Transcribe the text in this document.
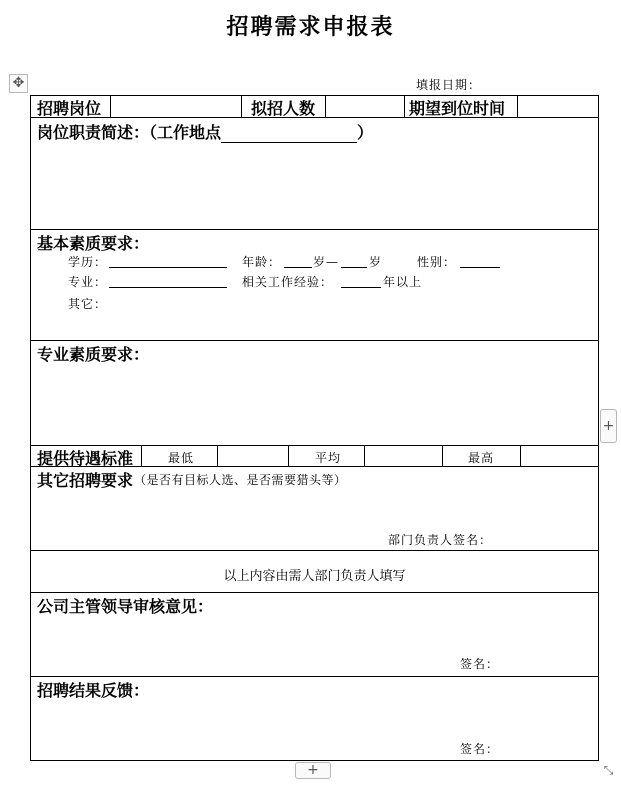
招聘需求申报表
✥	填报日期：
招聘岗位	拟招人数	期望到位时间
岗位职责简述：（工作地点	）
基本素质要求：
学历：	年龄：	岁— 岁	性别：
专业：	相关工作经验：	年以上
其它：
专业素质要求：
提供待遇标准	最低	平均	最高
其它招聘要求 （是否有目标人选、是否需要猎头等）
部门负责人签名：
以上内容由需人部门负责人填写
公司主管领导审核意见：
签名：
招聘结果反馈：
签名：
+
+	⤡
